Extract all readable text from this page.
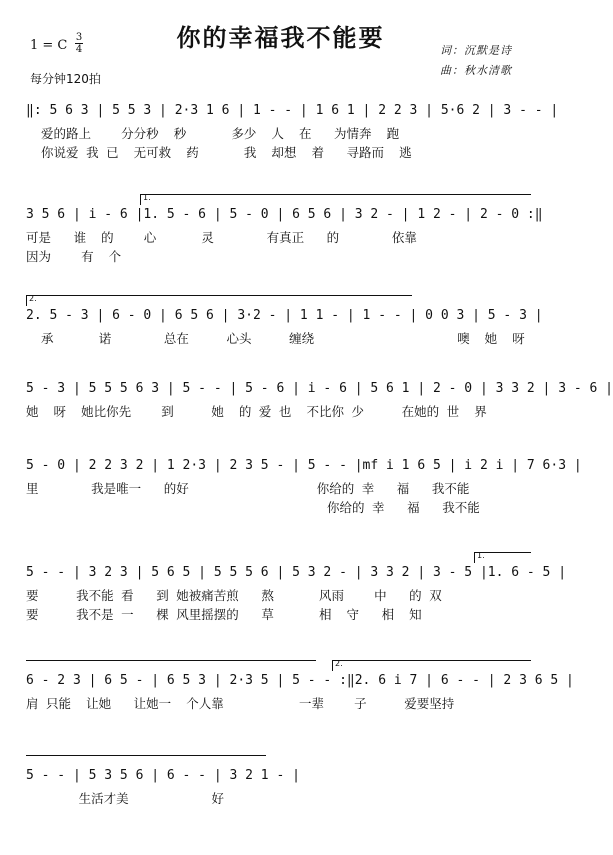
你的幸福我不能要
1 = C
3
4
每分钟120拍
词：沉默是诗
曲：秋水清歌
‖: 5 6 3 | 5 5 3 | 2·3 1 6 | 1 - - | 1 6 1 | 2 2 3 | 5·6 2 | 3 - - |
爱的路上    分分秒  秒      多少  人  在   为情奔  跑
你说爱 我 已  无可救  药      我  却想  着   寻路而  逃
1.
3 5 6 | i - 6 |1. 5 - 6 | 5 - 0 | 6 5 6 | 3 2 - | 1 2 - | 2 - 0 :‖
可是   谁  的    心      灵       有真正   的       依靠
因为    有  个
2.
2. 5 - 3 | 6 - 0 | 6 5 6 | 3·2 - | 1 1 - | 1 - - | 0 0 3 | 5 - 3 |
承      诺       总在     心头     缠绕                   噢  她  呀
5 - 3 | 5 5 5 6 3 | 5 - - | 5 - 6 | i - 6 | 5 6 1 | 2 - 0 | 3 3 2 | 3 - 6 |
她  呀  她比你先    到     她  的 爱 也  不比你 少     在她的 世  界
5 - 0 | 2 2 3 2 | 1 2·3 | 2 3 5 - | 5 - - |mf i 1 6 5 | i 2 i | 7 6·3 |
里       我是唯一   的好                 你给的 幸   福   我不能
你给的 幸   福   我不能
1.
5 - - | 3 2 3 | 5 6 5 | 5 5 5 6 | 5 3 2 - | 3 3 2 | 3 - 5 |1. 6 - 5 |
要     我不能 看   到 她被痛苦煎   熬      风雨    中   的 双
要     我不是 一   棵 风里摇摆的   草      相  守   相  知
2.
6 - 2 3 | 6 5 - | 6 5 3 | 2·3 5 | 5 - - :‖2. 6 i 7 | 6 - - | 2 3 6 5 |
肩 只能  让她   让她一  个人靠          一辈    子     爱要坚持
5 - - | 5 3 5 6 | 6 - - | 3 2 1 - |
生活才美           好
